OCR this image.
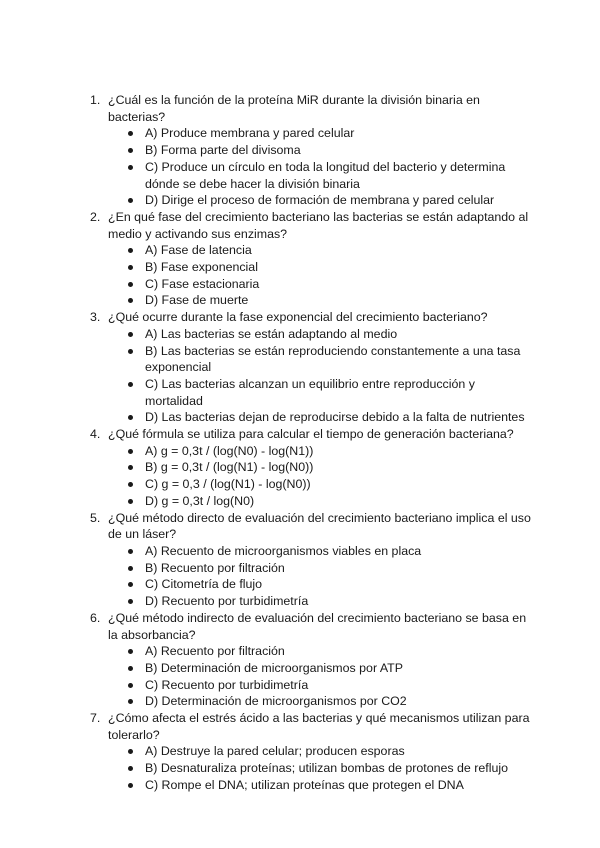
1. ¿Cuál es la función de la proteína MiR durante la división binaria en bacterias?
A) Produce membrana y pared celular
B) Forma parte del divisoma
C) Produce un círculo en toda la longitud del bacterio y determina dónde se debe hacer la división binaria
D) Dirige el proceso de formación de membrana y pared celular
2. ¿En qué fase del crecimiento bacteriano las bacterias se están adaptando al medio y activando sus enzimas?
A) Fase de latencia
B) Fase exponencial
C) Fase estacionaria
D) Fase de muerte
3. ¿Qué ocurre durante la fase exponencial del crecimiento bacteriano?
A) Las bacterias se están adaptando al medio
B) Las bacterias se están reproduciendo constantemente a una tasa exponencial
C) Las bacterias alcanzan un equilibrio entre reproducción y mortalidad
D) Las bacterias dejan de reproducirse debido a la falta de nutrientes
4. ¿Qué fórmula se utiliza para calcular el tiempo de generación bacteriana?
A) g = 0,3t / (log(N0) - log(N1))
B) g = 0,3t / (log(N1) - log(N0))
C) g = 0,3 / (log(N1) - log(N0))
D) g = 0,3t / log(N0)
5. ¿Qué método directo de evaluación del crecimiento bacteriano implica el uso de un láser?
A) Recuento de microorganismos viables en placa
B) Recuento por filtración
C) Citometría de flujo
D) Recuento por turbidimetría
6. ¿Qué método indirecto de evaluación del crecimiento bacteriano se basa en la absorbancia?
A) Recuento por filtración
B) Determinación de microorganismos por ATP
C) Recuento por turbidimetría
D) Determinación de microorganismos por CO2
7. ¿Cómo afecta el estrés ácido a las bacterias y qué mecanismos utilizan para tolerarlo?
A) Destruye la pared celular; producen esporas
B) Desnaturaliza proteínas; utilizan bombas de protones de reflujo
C) Rompe el DNA; utilizan proteínas que protegen el DNA
